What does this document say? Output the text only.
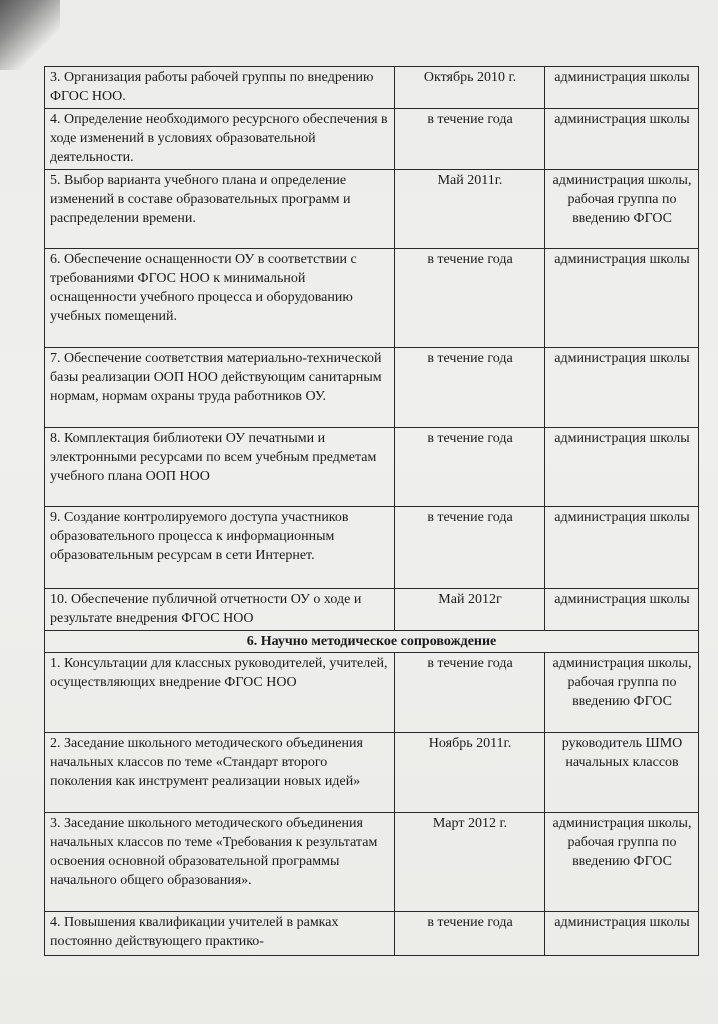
3. Организация работы рабочей группы по внедрению ФГОС НОО.	Октябрь 2010 г.	администрация школы
4. Определение необходимого ресурсного обеспечения в ходе изменений в условиях образовательной деятельности.	в течение года	администрация школы
5. Выбор варианта учебного плана и определение изменений в составе образовательных программ и распределении времени.	Май 2011г.	администрация школы, рабочая группа по введению ФГОС
6. Обеспечение оснащенности ОУ в соответствии с требованиями ФГОС НОО к минимальной оснащенности учебного процесса и оборудованию учебных помещений.	в течение года	администрация школы
7. Обеспечение соответствия материально-технической базы реализации ООП НОО действующим санитарным нормам, нормам охраны труда работников ОУ.	в течение года	администрация школы
8. Комплектация библиотеки ОУ печатными и электронными ресурсами по всем учебным предметам учебного плана ООП НОО	в течение года	администрация школы
9. Создание контролируемого доступа участников образовательного процесса к информационным образовательным ресурсам в сети Интернет.	в течение года	администрация школы
10. Обеспечение публичной отчетности ОУ о ходе и результате внедрения ФГОС НОО	Май 2012г	администрация школы
6. Научно методическое сопровождение		
1. Консультации для классных руководителей, учителей, осуществляющих внедрение ФГОС НОО	в течение года	администрация школы, рабочая группа по введению ФГОС
2. Заседание школьного методического объединения начальных классов по теме «Стандарт второго поколения как инструмент реализации новых идей»	Ноябрь 2011г.	руководитель ШМО начальных классов
3. Заседание школьного методического объединения начальных классов по теме «Требования к результатам освоения основной образовательной программы начального общего образования».	Март 2012 г.	администрация школы, рабочая группа по введению ФГОС
4. Повышения квалификации учителей в рамках постоянно действующего практико-	в течение года	администрация школы
